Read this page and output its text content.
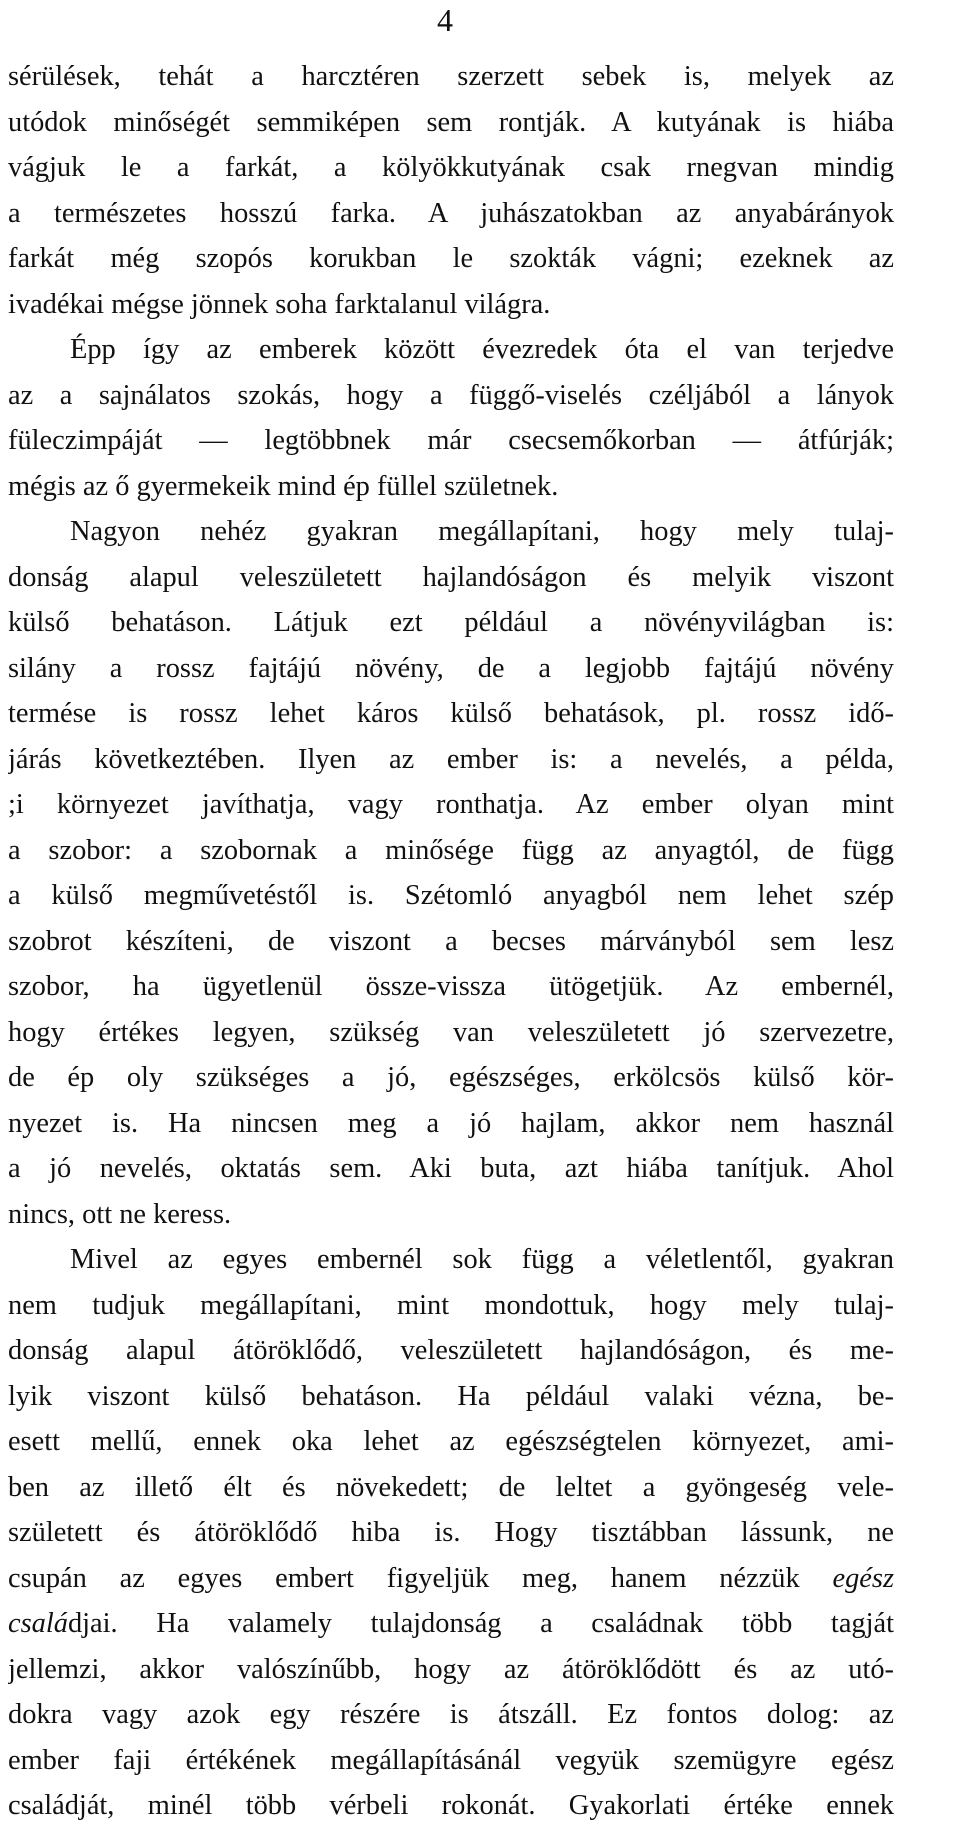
4
sérülések, tehát a harcztéren szerzett sebek is, melyek az
utódok minőségét semmiképen sem rontják. A kutyának is hiába
vágjuk le a farkát, a kölyökkutyának csak rnegvan mindig
a természetes hosszú farka. A juhászatokban az anyabárányok
farkát még szopós korukban le szokták vágni; ezeknek az
ivadékai mégse jönnek soha farktalanul világra.
Épp így az emberek között évezredek óta el van terjedve
az a sajnálatos szokás, hogy a függő-viselés czéljából a lányok
füleczimpáját — legtöbbnek már csecsemőkorban — átfúrják;
mégis az ő gyermekeik mind ép füllel születnek.
Nagyon nehéz gyakran megállapítani, hogy mely tulaj-
donság alapul veleszületett hajlandóságon és melyik viszont
külső behatáson. Látjuk ezt például a növényvilágban is:
silány a rossz fajtájú növény, de a legjobb fajtájú növény
termése is rossz lehet káros külső behatások, pl. rossz idő-
járás következtében. Ilyen az ember is: a nevelés, a példa,
;i környezet javíthatja, vagy ronthatja. Az ember olyan mint
a szobor: a szobornak a minősége függ az anyagtól, de függ
a külső megművetéstől is. Szétomló anyagból nem lehet szép
szobrot készíteni, de viszont a becses márványból sem lesz
szobor, ha ügyetlenül össze-vissza ütögetjük. Az embernél,
hogy értékes legyen, szükség van veleszületett jó szervezetre,
de ép oly szükséges a jó, egészséges, erkölcsös külső kör-
nyezet is. Ha nincsen meg a jó hajlam, akkor nem használ
a jó nevelés, oktatás sem. Aki buta, azt hiába tanítjuk. Ahol
nincs, ott ne keress.
Mivel az egyes embernél sok függ a véletlentől, gyakran
nem tudjuk megállapítani, mint mondottuk, hogy mely tulaj-
donság alapul átöröklődő, veleszületett hajlandóságon, és me-
lyik viszont külső behatáson. Ha például valaki vézna, be-
esett mellű, ennek oka lehet az egészségtelen környezet, ami-
ben az illető élt és növekedett; de leltet a gyöngeség vele-
született és átöröklődő hiba is. Hogy tisztábban lássunk, ne
csupán az egyes embert figyeljük meg, hanem nézzük egész
családjai. Ha valamely tulajdonság a családnak több tagját
jellemzi, akkor valószínűbb, hogy az átöröklődött és az utó-
dokra vagy azok egy részére is átszáll. Ez fontos dolog: az
ember faji értékének megállapításánál vegyük szemügyre egész
családját, minél több vérbeli rokonát. Gyakorlati értéke ennek
